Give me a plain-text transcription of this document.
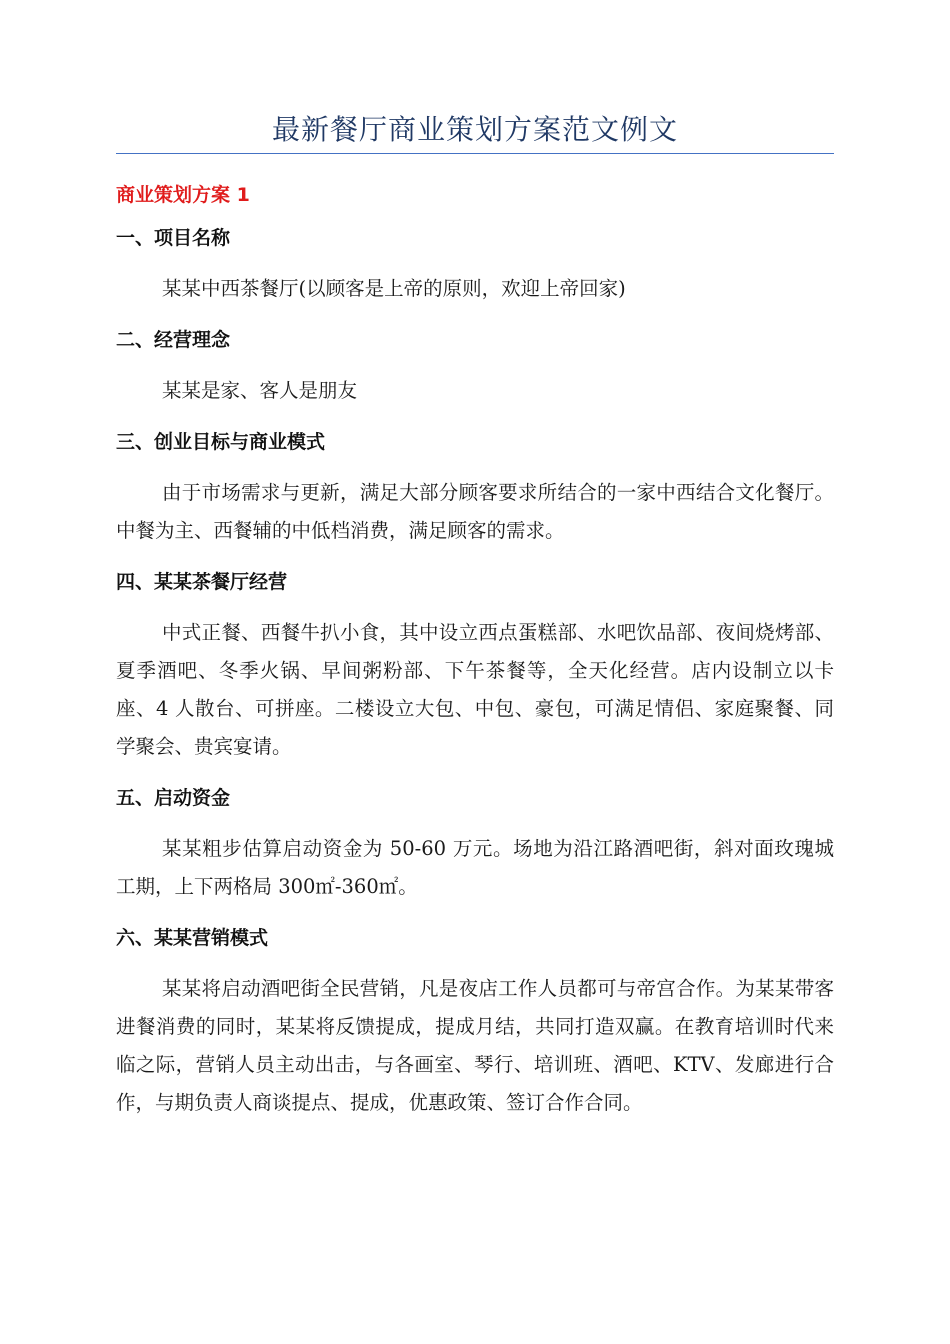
最新餐厅商业策划方案范文例文
商业策划方案 1
一、项目名称

某某中西茶餐厅(以顾客是上帝的原则，欢迎上帝回家)

二、经营理念

某某是家、客人是朋友

三、创业目标与商业模式

由于市场需求与更新，满足大部分顾客要求所结合的一家中西结合文化餐厅。中餐为主、西餐辅的中低档消费，满足顾客的需求。

四、某某茶餐厅经营

中式正餐、西餐牛扒小食，其中设立西点蛋糕部、水吧饮品部、夜间烧烤部、夏季酒吧、冬季火锅、早间粥粉部、下午茶餐等，全天化经营。店内设制立以卡座、4 人散台、可拼座。二楼设立大包、中包、豪包，可满足情侣、家庭聚餐、同学聚会、贵宾宴请。

五、启动资金

某某粗步估算启动资金为 50-60 万元。场地为沿江路酒吧街，斜对面玫瑰城工期，上下两格局 300㎡-360㎡。

六、某某营销模式

某某将启动酒吧街全民营销，凡是夜店工作人员都可与帝宫合作。为某某带客进餐消费的同时，某某将反馈提成，提成月结，共同打造双赢。在教育培训时代来临之际，营销人员主动出击，与各画室、琴行、培训班、酒吧、KTV、发廊进行合作，与期负责人商谈提点、提成，优惠政策、签订合作合同。
